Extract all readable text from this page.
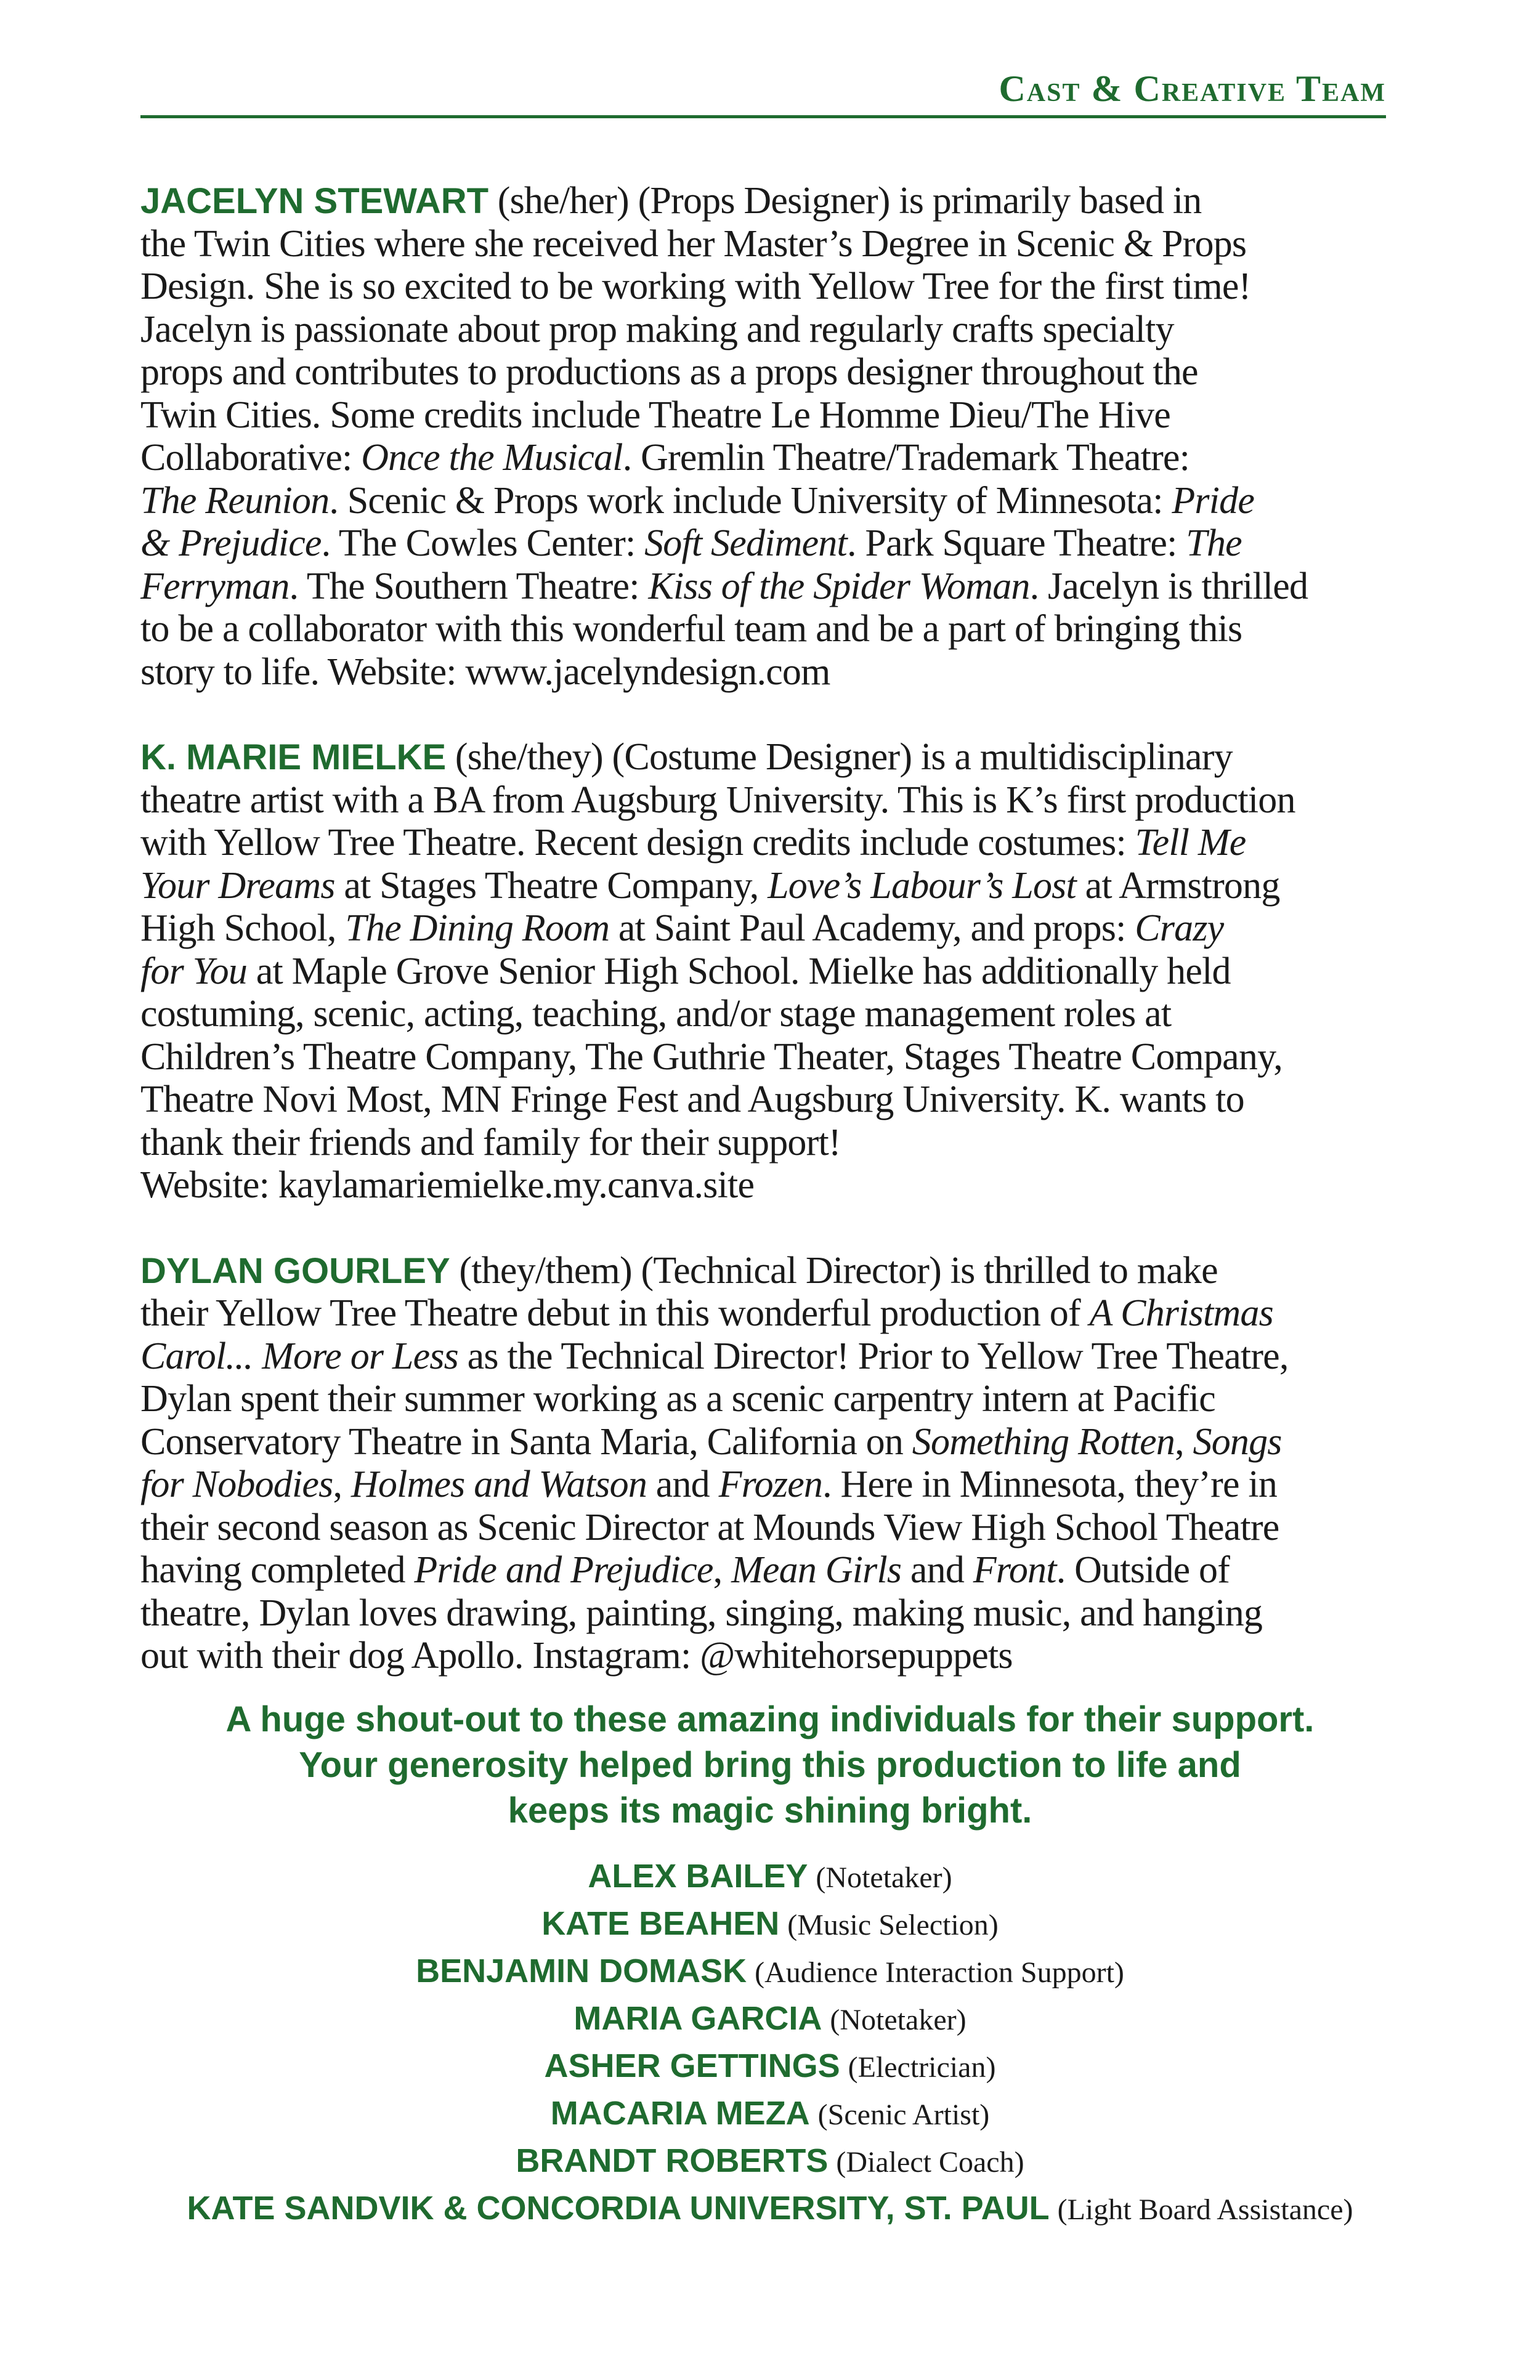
Cast & Creative Team

JACELYN STEWART (she/her) (Props Designer) is primarily based in
the Twin Cities where she received her Master’s Degree in Scenic & Props
Design. She is so excited to be working with Yellow Tree for the first time!
Jacelyn is passionate about prop making and regularly crafts specialty
props and contributes to productions as a props designer throughout the
Twin Cities. Some credits include Theatre Le Homme Dieu/The Hive
Collaborative: Once the Musical. Gremlin Theatre/Trademark Theatre:
The Reunion. Scenic & Props work include University of Minnesota: Pride
& Prejudice. The Cowles Center: Soft Sediment. Park Square Theatre: The
Ferryman. The Southern Theatre: Kiss of the Spider Woman. Jacelyn is thrilled
to be a collaborator with this wonderful team and be a part of bringing this
story to life. Website: www.jacelyndesign.com

K. MARIE MIELKE (she/they) (Costume Designer) is a multidisciplinary
theatre artist with a BA from Augsburg University. This is K’s first production
with Yellow Tree Theatre. Recent design credits include costumes: Tell Me
Your Dreams at Stages Theatre Company, Love’s Labour’s Lost at Armstrong
High School, The Dining Room at Saint Paul Academy, and props: Crazy
for You at Maple Grove Senior High School. Mielke has additionally held
costuming, scenic, acting, teaching, and/or stage management roles at
Children’s Theatre Company, The Guthrie Theater, Stages Theatre Company,
Theatre Novi Most, MN Fringe Fest and Augsburg University. K. wants to
thank their friends and family for their support!
Website: kaylamariemielke.my.canva.site

DYLAN GOURLEY (they/them) (Technical Director) is thrilled to make
their Yellow Tree Theatre debut in this wonderful production of A Christmas
Carol... More or Less as the Technical Director! Prior to Yellow Tree Theatre,
Dylan spent their summer working as a scenic carpentry intern at Pacific
Conservatory Theatre in Santa Maria, California on Something Rotten, Songs
for Nobodies, Holmes and Watson and Frozen. Here in Minnesota, they’re in
their second season as Scenic Director at Mounds View High School Theatre
having completed Pride and Prejudice, Mean Girls and Front. Outside of
theatre, Dylan loves drawing, painting, singing, making music, and hanging
out with their dog Apollo. Instagram: @whitehorsepuppets

A huge shout-out to these amazing individuals for their support.

Your generosity helped bring this production to life and

keeps its magic shining bright.

ALEX BAILEY (Notetaker)
KATE BEAHEN (Music Selection)
BENJAMIN DOMASK (Audience Interaction Support)
MARIA GARCIA (Notetaker)
ASHER GETTINGS (Electrician)
MACARIA MEZA (Scenic Artist)
BRANDT ROBERTS (Dialect Coach)
KATE SANDVIK & CONCORDIA UNIVERSITY, ST. PAUL (Light Board Assistance)
